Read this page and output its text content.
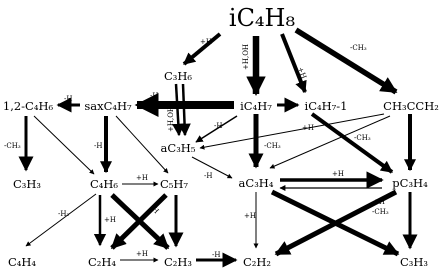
+H
+H,OH
+H
-CH₃
-H
-H
+H,OH	-H
-CH₃
+H
-CH₃
-H
-CH₃	-H
+H	+H
+H
-CH₃
-H₂
+H
-H
+H
+H	-H
iC₄H₈
C₃H₆
1,2-C₄H₆	saxC₄H₇	iC₄H₇	iC₄H₇-1	CH₃CCH₂
aC₃H₅
C₃H₃	C₄H₆	C₅H₇	aC₃H₄	pC₃H₄
C₄H₄	C₂H₄	C₂H₃	C₂H₂	C₃H₃
